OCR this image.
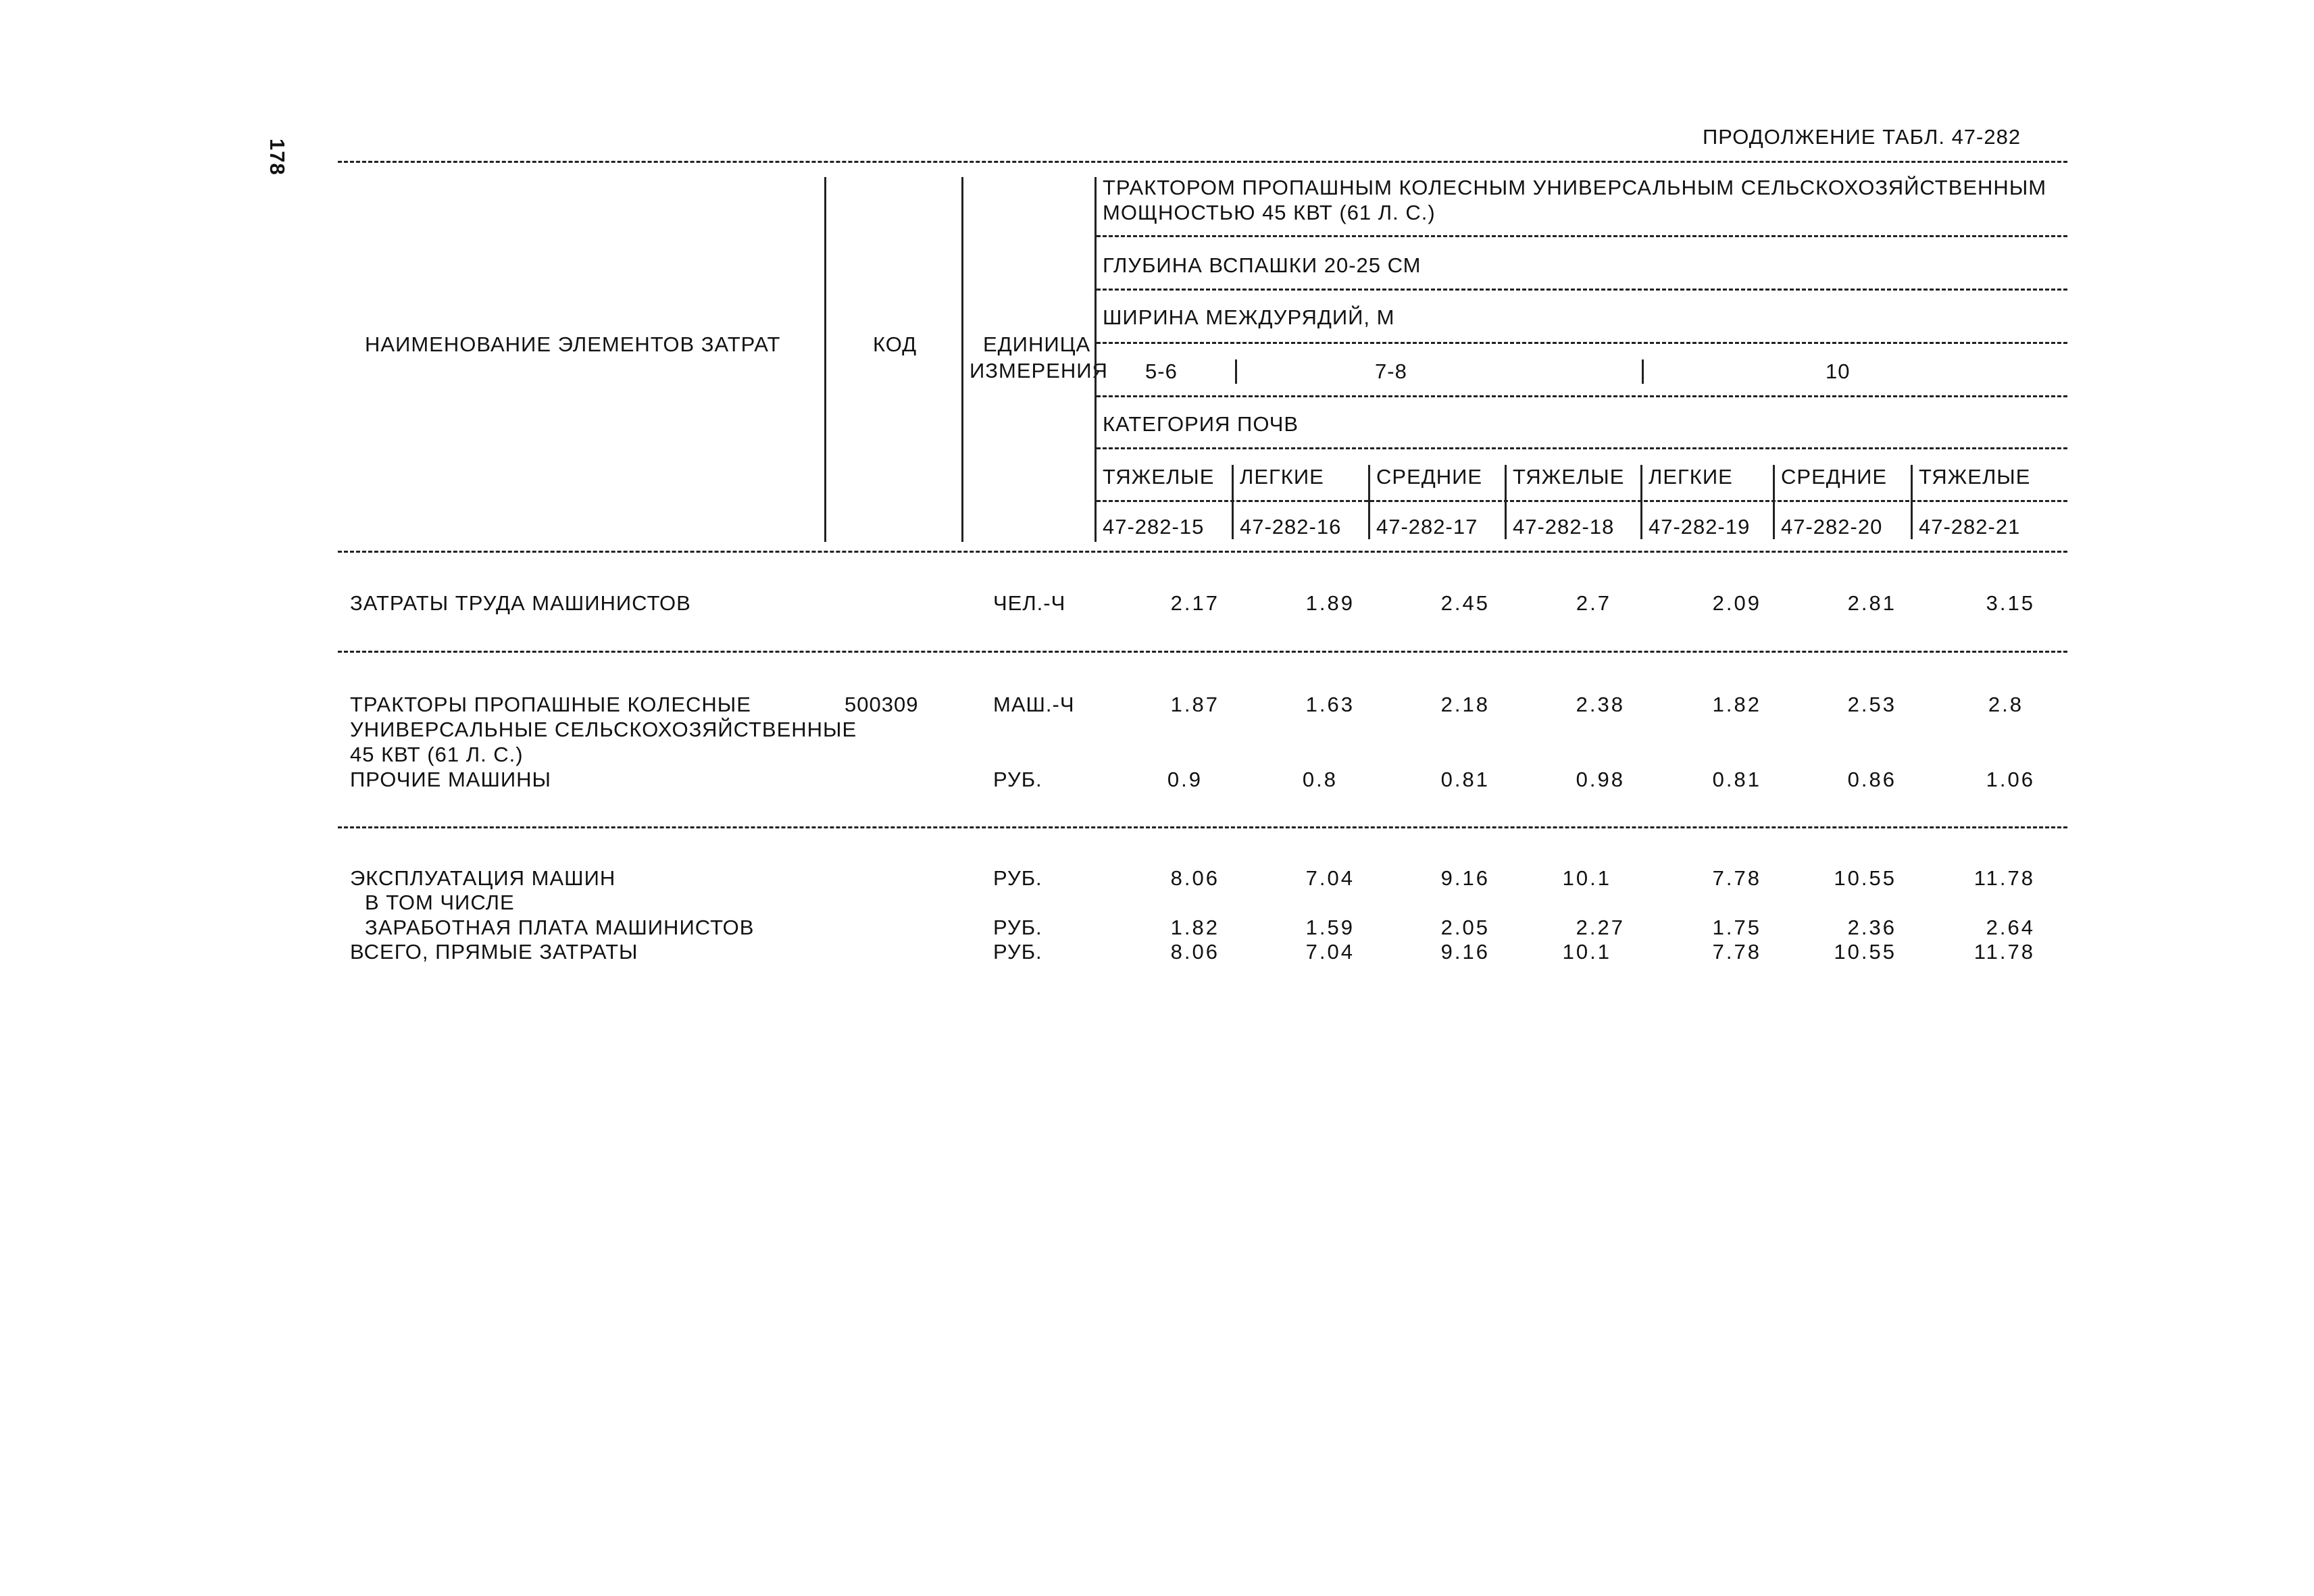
178
ПРОДОЛЖЕНИЕ ТАБЛ. 47-282
НАИМЕНОВАНИЕ ЭЛЕМЕНТОВ ЗАТРАТ	КОД	ЕДИНИЦА
ИЗМЕРЕНИЯ
ТРАКТОРОМ ПРОПАШНЫМ КОЛЕСНЫМ УНИВЕРСАЛЬНЫМ СЕЛЬСКОХОЗЯЙСТВЕННЫМ
МОЩНОСТЬЮ 45 КВТ (61 Л. С.)
ГЛУБИНА ВСПАШКИ 20-25 СМ
ШИРИНА МЕЖДУРЯДИЙ, М
5-6	7-8	10
КАТЕГОРИЯ ПОЧВ
ТЯЖЕЛЫЕ ЛЕГКИЕ СРЕДНИЕ ТЯЖЕЛЫЕ ЛЕГКИЕ СРЕДНИЕ ТЯЖЕЛЫЕ
47-282-15 47-282-16 47-282-17 47-282-18 47-282-19 47-282-20 47-282-21
ЗАТРАТЫ ТРУДА МАШИНИСТОВ	ЧЕЛ.-Ч	2.17	1.89	2.45	2.7	2.09	2.81	3.15
ТРАКТОРЫ ПРОПАШНЫЕ КОЛЕСНЫЕ
УНИВЕРСАЛЬНЫЕ СЕЛЬСКОХОЗЯЙСТВЕННЫЕ
45 КВТ (61 Л. С.)
500309	МАШ.-Ч	1.87	1.63	2.18	2.38	1.82	2.53	2.8
ПРОЧИЕ МАШИНЫ	РУБ.	0.9	0.8	0.81	0.98	0.81	0.86	1.06
ЭКСПЛУАТАЦИЯ МАШИН	РУБ.	8.06	7.04	9.16	10.1	7.78	10.55	11.78
В ТОМ ЧИСЛЕ
ЗАРАБОТНАЯ ПЛАТА МАШИНИСТОВ	РУБ.	1.82	1.59	2.05	2.27	1.75	2.36	2.64
ВСЕГО, ПРЯМЫЕ ЗАТРАТЫ	РУБ.	8.06	7.04	9.16	10.1	7.78	10.55	11.78
